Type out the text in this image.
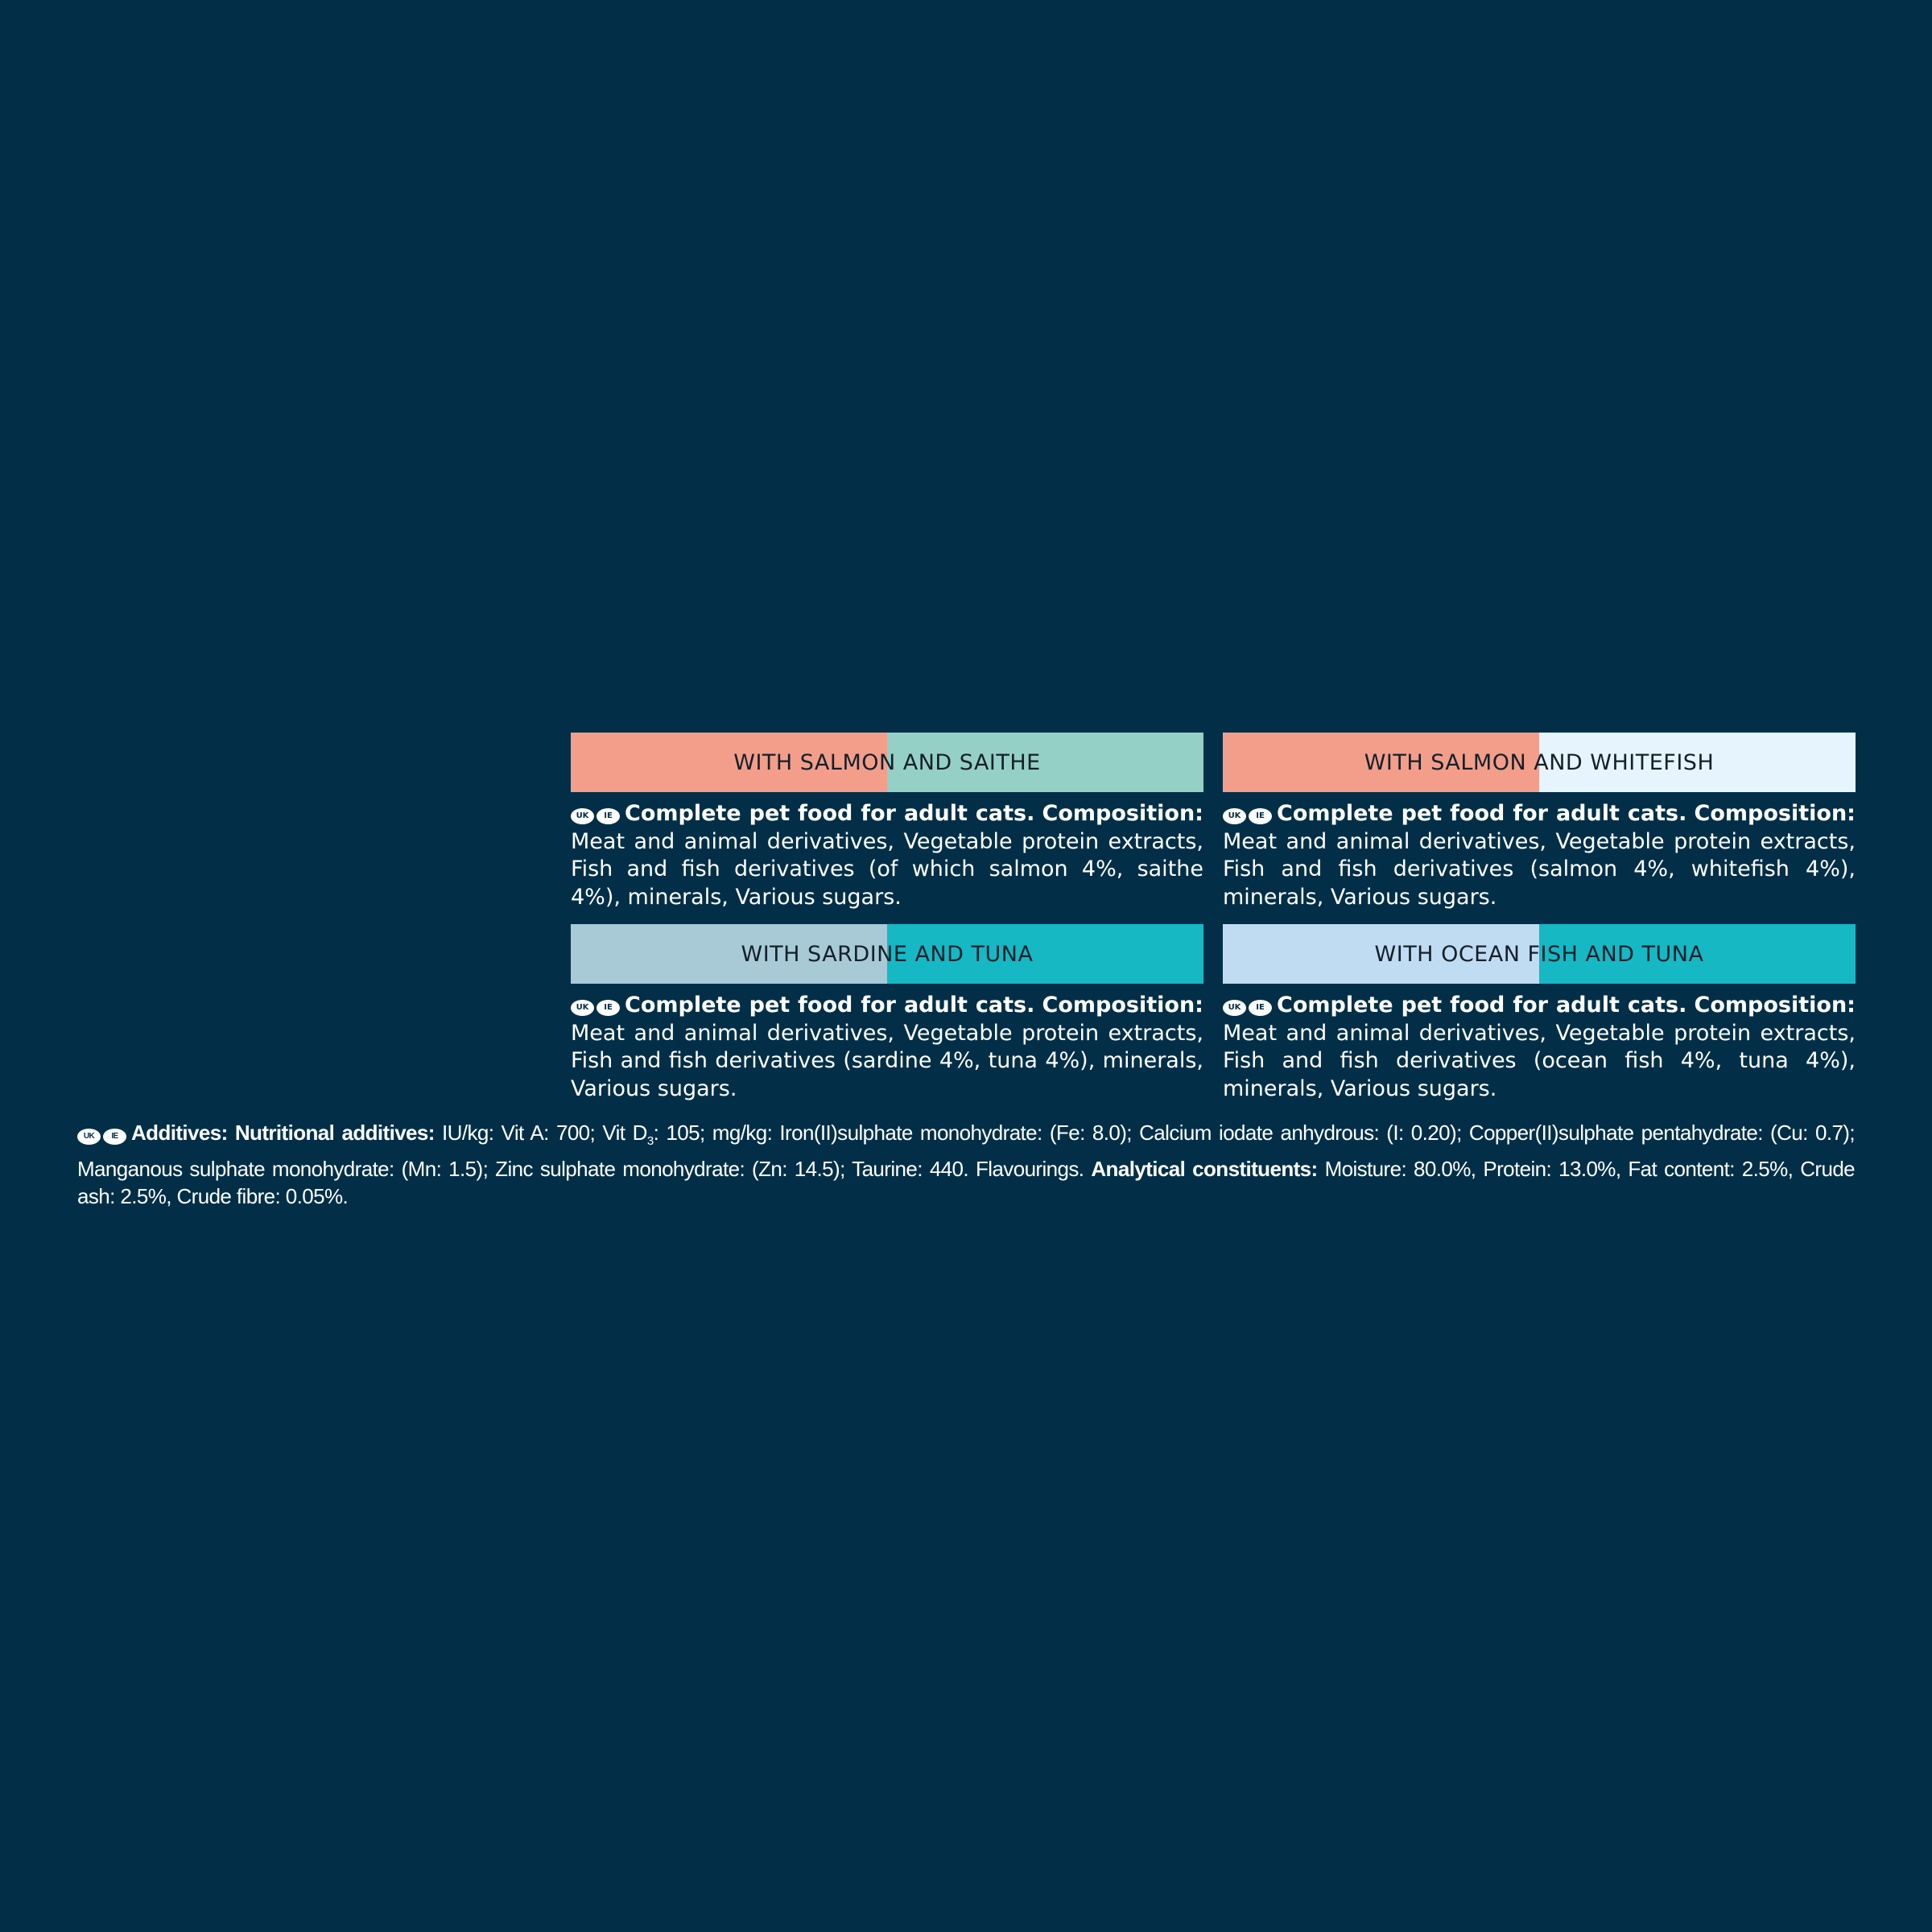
WITH SALMON AND SAITHE
UK	IE Complete pet food for adult cats. Composition: Meat and animal derivatives, Vegetable protein extracts, Fish and fish derivatives (of which salmon 4%, saithe 4%), minerals, Various sugars.
WITH SALMON AND WHITEFISH
UK	IE Complete pet food for adult cats. Composition: Meat and animal derivatives, Vegetable protein extracts, Fish and fish derivatives (salmon 4%, whitefish 4%), minerals, Various sugars.
WITH SARDINE AND TUNA
UK	IE Complete pet food for adult cats. Composition: Meat and animal derivatives, Vegetable protein extracts, Fish and fish derivatives (sardine 4%, tuna 4%), minerals, Various sugars.
WITH OCEAN FISH AND TUNA
UK	IE Complete pet food for adult cats. Composition: Meat and animal derivatives, Vegetable protein extracts, Fish and fish derivatives (ocean fish 4%, tuna 4%), minerals, Various sugars.
UK	IE Additives: Nutritional additives: IU/kg: Vit A: 700; Vit $D_3$: 105; mg/kg: Iron(II)sulphate monohydrate: (Fe: 8.0); Calcium iodate anhydrous: (I: 0.20); Copper(II)sulphate pentahydrate: (Cu: 0.7); Manganous sulphate monohydrate: (Mn: 1.5); Zinc sulphate monohydrate: (Zn: 14.5); Taurine: 440. Flavourings. Analytical constituents: Moisture: 80.0%, Protein: 13.0%, Fat content: 2.5%, Crude ash: 2.5%, Crude fibre: 0.05%.
